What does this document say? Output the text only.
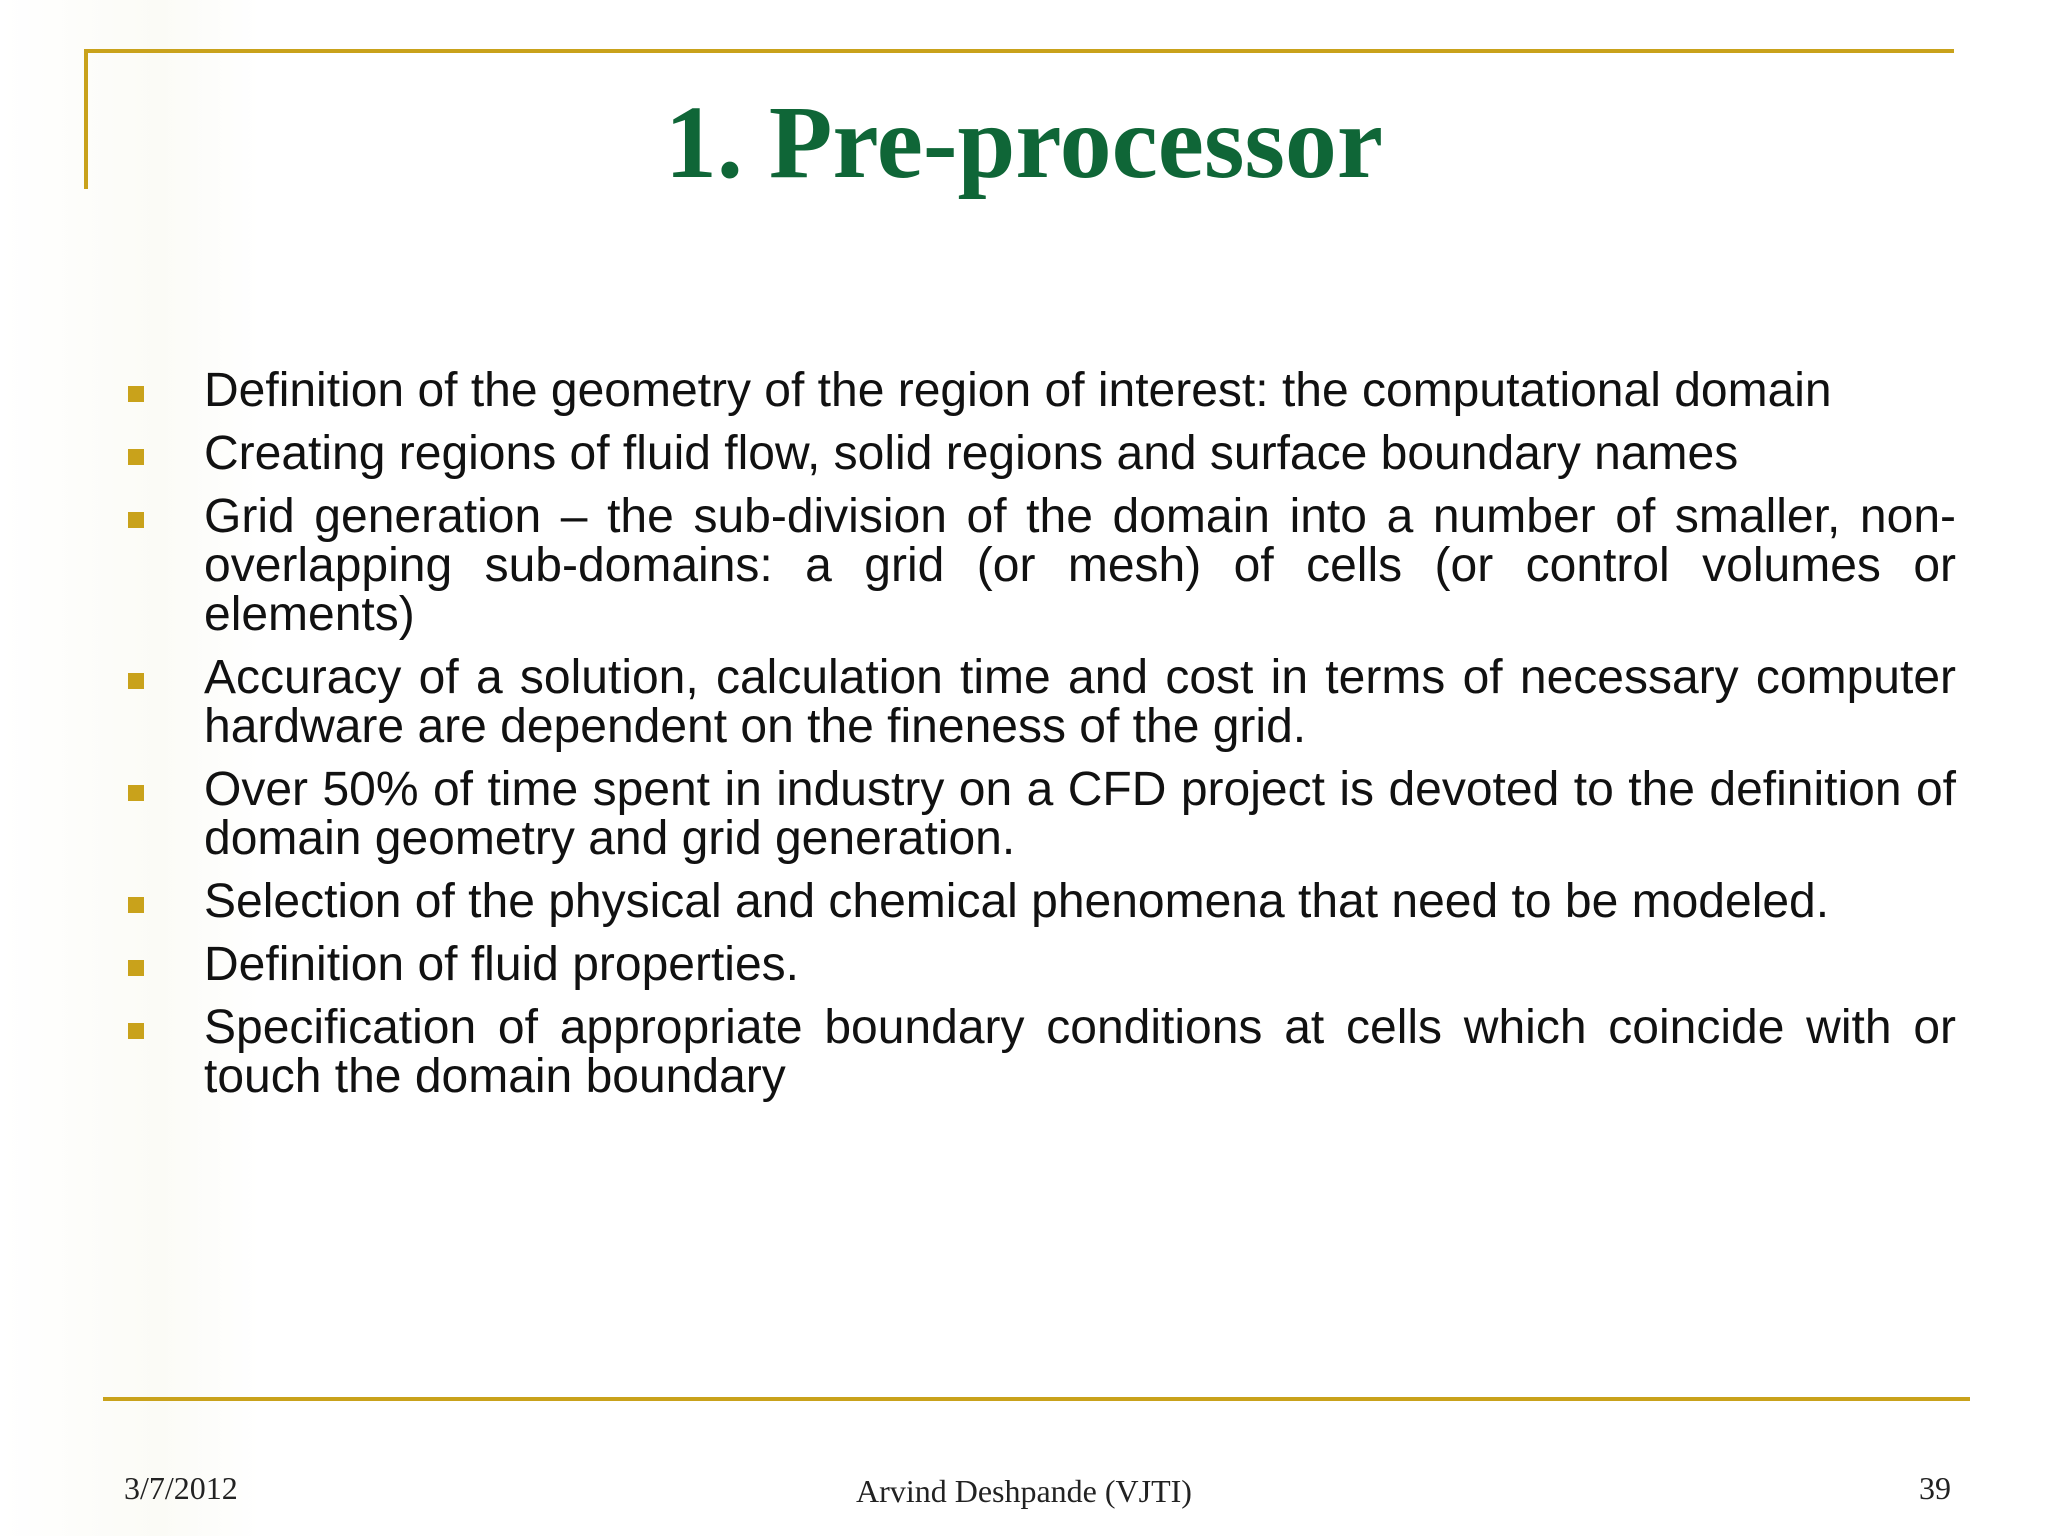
1. Pre-processor
Definition of the geometry of the region of interest: the computational domain
Creating regions of fluid flow, solid regions and surface boundary names
Grid generation – the sub-division of the domain into a number of smaller, non-overlapping sub-domains: a grid (or mesh) of cells (or control volumes or elements)
Accuracy of a solution, calculation time and cost in terms of necessary computer hardware are dependent on the fineness of the grid.
Over 50% of time spent in industry on a CFD project is devoted to the definition of domain geometry and grid generation.
Selection of the physical and chemical phenomena that need to be modeled.
Definition of fluid properties.
Specification of appropriate boundary conditions at cells which coincide with or touch the domain boundary
3/7/2012	Arvind Deshpande (VJTI)	39
